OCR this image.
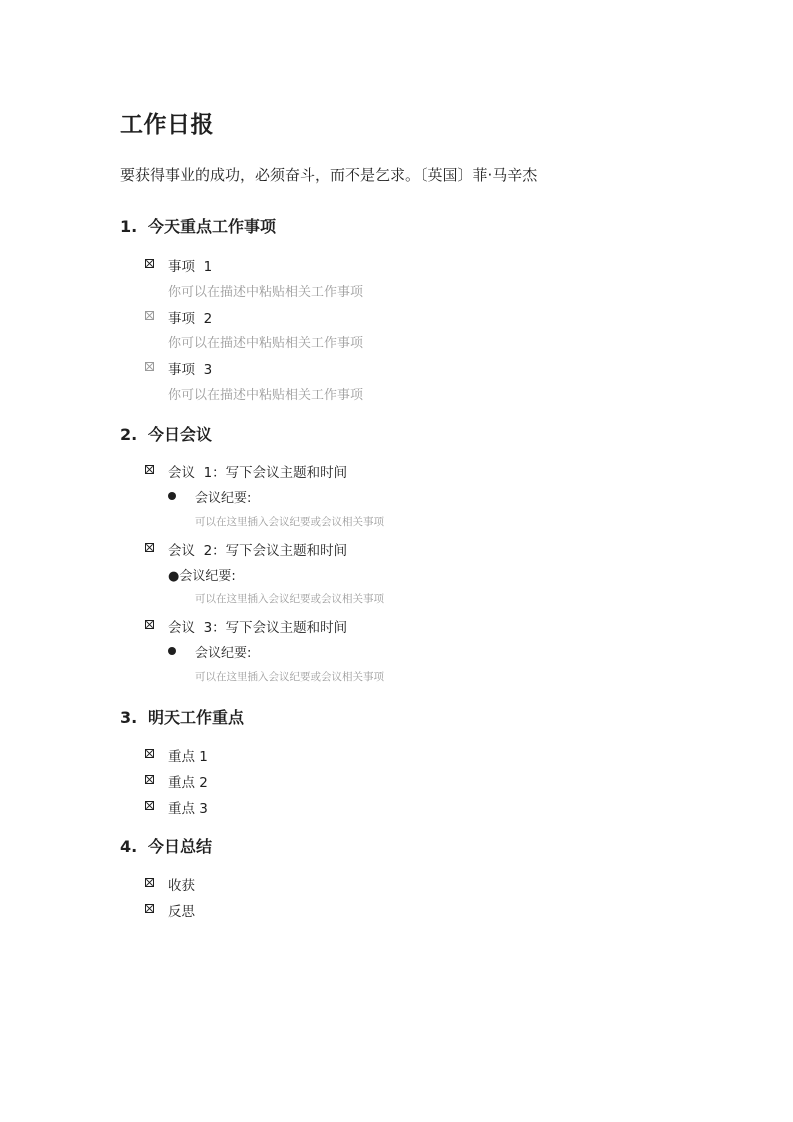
工作日报
要获得事业的成功，必须奋斗，而不是乞求。〔英国〕菲·马辛杰
1. 今天重点工作事项
事项  1
你可以在描述中粘贴相关工作事项
事项  2
你可以在描述中粘贴相关工作事项
事项  3
你可以在描述中粘贴相关工作事项
2. 今日会议
会议  1：写下会议主题和时间
会议纪要:
可以在这里插入会议纪要或会议相关事项
会议  2：写下会议主题和时间
●会议纪要:
可以在这里插入会议纪要或会议相关事项
会议  3：写下会议主题和时间
会议纪要:
可以在这里插入会议纪要或会议相关事项
3. 明天工作重点
重点 1
重点 2
重点 3
4. 今日总结
收获
反思
